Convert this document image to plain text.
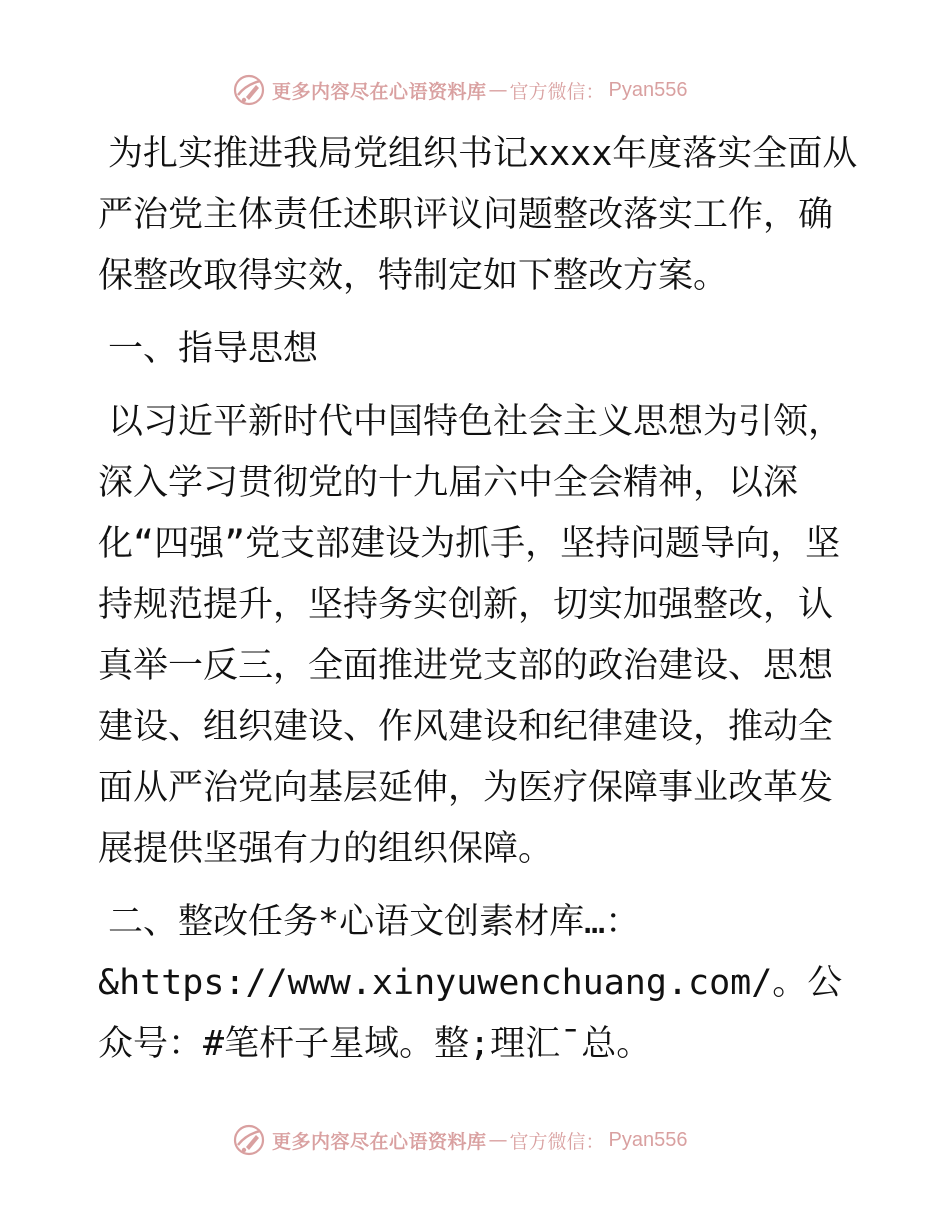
更多内容尽在心语资料库 — 官方微信： Pyan556

为扎实推进我局党组织书记xxxx年度落实全面从严治党主体责任述职评议问题整改落实工作，确保整改取得实效，特制定如下整改方案。

一、指导思想

以习近平新时代中国特色社会主义思想为引领，深入学习贯彻党的十九届六中全会精神，以深化“四强”党支部建设为抓手，坚持问题导向，坚持规范提升，坚持务实创新，切实加强整改，认真举一反三，全面推进党支部的政治建设、思想建设、组织建设、作风建设和纪律建设，推动全面从严治党向基层延伸，为医疗保障事业改革发展提供坚强有力的组织保障。

二、整改任务*心语文创素材库…：&https://www.xinyuwenchuang.com/。公众号：#笔杆子星域。整;理汇¯总。

更多内容尽在心语资料库 — 官方微信： Pyan556
